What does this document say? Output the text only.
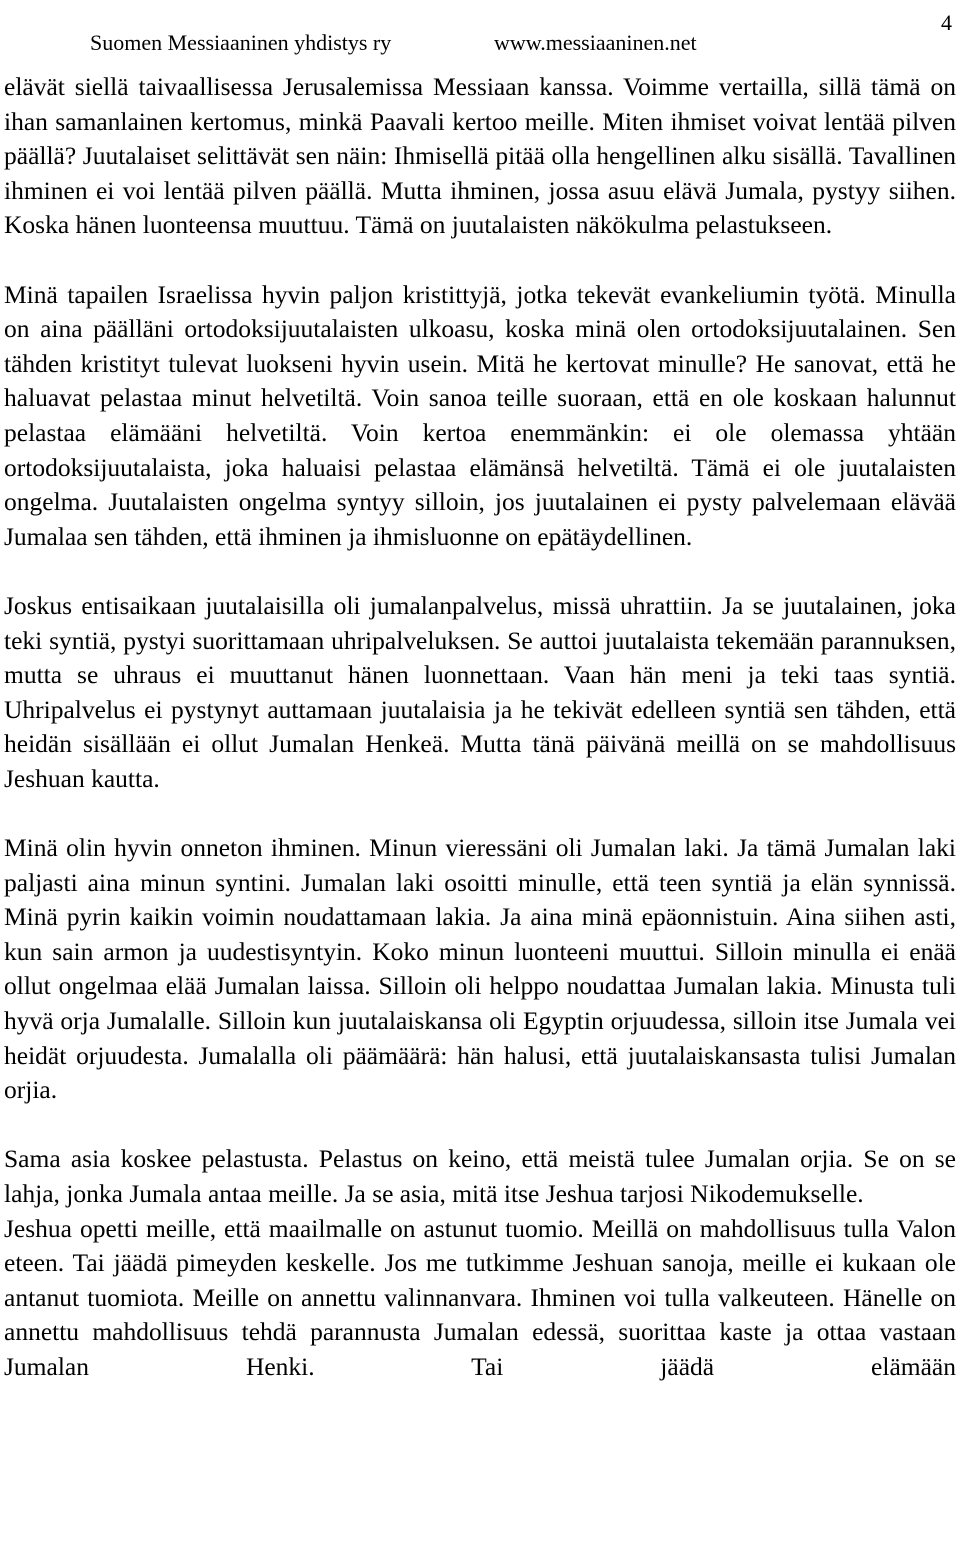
Suomen Messiaaninen yhdistys ry	www.messiaaninen.net
4

elävät siellä taivaallisessa Jerusalemissa Messiaan kanssa. Voimme vertailla, sillä tämä on ihan samanlainen kertomus, minkä Paavali kertoo meille. Miten ihmiset voivat lentää pilven päällä? Juutalaiset selittävät sen näin: Ihmisellä pitää olla hengellinen alku sisällä. Tavallinen ihminen ei voi lentää pilven päällä. Mutta ihminen, jossa asuu elävä Jumala, pystyy siihen. Koska hänen luonteensa muuttuu. Tämä on juutalaisten näkökulma pelastukseen.

Minä tapailen Israelissa hyvin paljon kristittyjä, jotka tekevät evankeliumin työtä. Minulla on aina päälläni ortodoksijuutalaisten ulkoasu, koska minä olen ortodoksijuutalainen. Sen tähden kristityt tulevat luokseni hyvin usein. Mitä he kertovat minulle? He sanovat, että he haluavat pelastaa minut helvetiltä. Voin sanoa teille suoraan, että en ole koskaan halunnut pelastaa elämääni helvetiltä. Voin kertoa enemmänkin: ei ole olemassa yhtään ortodoksijuutalaista, joka haluaisi pelastaa elämänsä helvetiltä. Tämä ei ole juutalaisten ongelma. Juutalaisten ongelma syntyy silloin, jos juutalainen ei pysty palvelemaan elävää Jumalaa sen tähden, että ihminen ja ihmisluonne on epätäydellinen.

Joskus entisaikaan juutalaisilla oli jumalanpalvelus, missä uhrattiin. Ja se juutalainen, joka teki syntiä, pystyi suorittamaan uhripalveluksen. Se auttoi juutalaista tekemään parannuksen, mutta se uhraus ei muuttanut hänen luonnettaan. Vaan hän meni ja teki taas syntiä. Uhripalvelus ei pystynyt auttamaan juutalaisia ja he tekivät edelleen syntiä sen tähden, että heidän sisällään ei ollut Jumalan Henkeä. Mutta tänä päivänä meillä on se mahdollisuus Jeshuan kautta.

Minä olin hyvin onneton ihminen. Minun vieressäni oli Jumalan laki. Ja tämä Jumalan laki paljasti aina minun syntini. Jumalan laki osoitti minulle, että teen syntiä ja elän synnissä. Minä pyrin kaikin voimin noudattamaan lakia. Ja aina minä epäonnistuin. Aina siihen asti, kun sain armon ja uudestisyntyin. Koko minun luonteeni muuttui. Silloin minulla ei enää ollut ongelmaa elää Jumalan laissa. Silloin oli helppo noudattaa Jumalan lakia. Minusta tuli hyvä orja Jumalalle. Silloin kun juutalaiskansa oli Egyptin orjuudessa, silloin itse Jumala vei heidät orjuudesta. Jumalalla oli päämäärä: hän halusi, että juutalaiskansasta tulisi Jumalan orjia.

Sama asia koskee pelastusta. Pelastus on keino, että meistä tulee Jumalan orjia. Se on se lahja, jonka Jumala antaa meille. Ja se asia, mitä itse Jeshua tarjosi Nikodemukselle.

Jeshua opetti meille, että maailmalle on astunut tuomio. Meillä on mahdollisuus tulla Valon eteen. Tai jäädä pimeyden keskelle. Jos me tutkimme Jeshuan sanoja, meille ei kukaan ole antanut tuomiota. Meille on annettu valinnanvara. Ihminen voi tulla valkeuteen. Hänelle on annettu mahdollisuus tehdä parannusta Jumalan edessä, suorittaa kaste ja ottaa vastaan Jumalan Henki. Tai jäädä elämään
